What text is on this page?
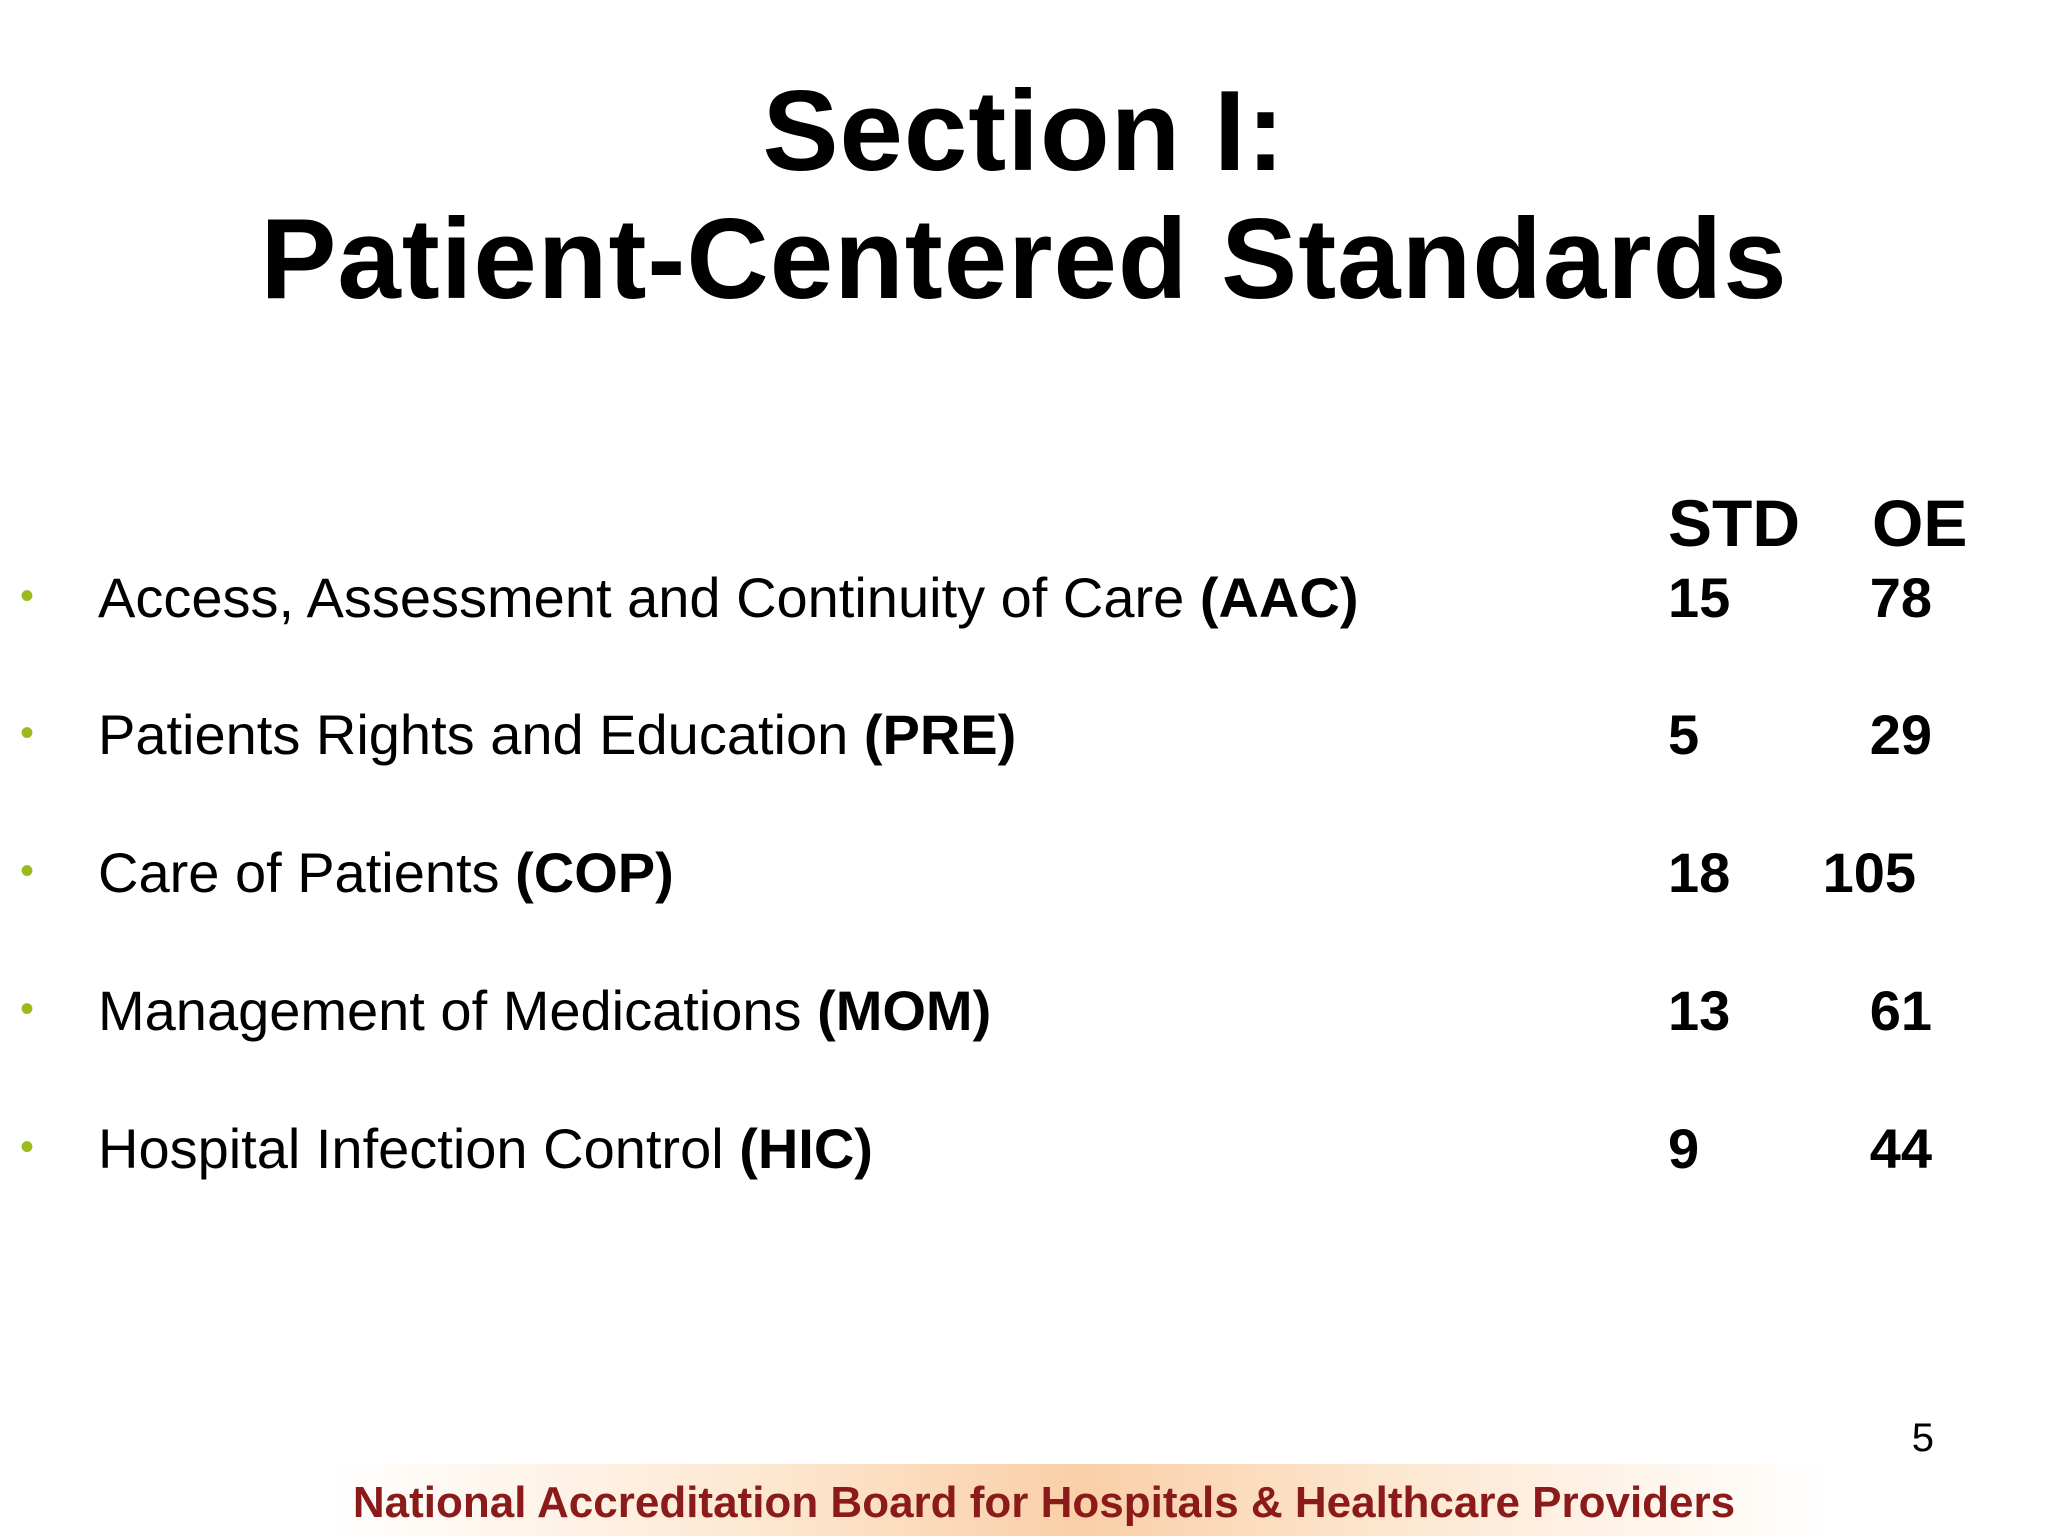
Section I:
Patient-Centered Standards
STD OE
• Access, Assessment and Continuity of Care (AAC)	15 78
• Patients Rights and Education (PRE)	5	29
• Care of Patients (COP)	18 105
• Management of Medications (MOM)	13 61
• Hospital Infection Control (HIC)	9	44
5
National Accreditation Board for Hospitals & Healthcare Providers
